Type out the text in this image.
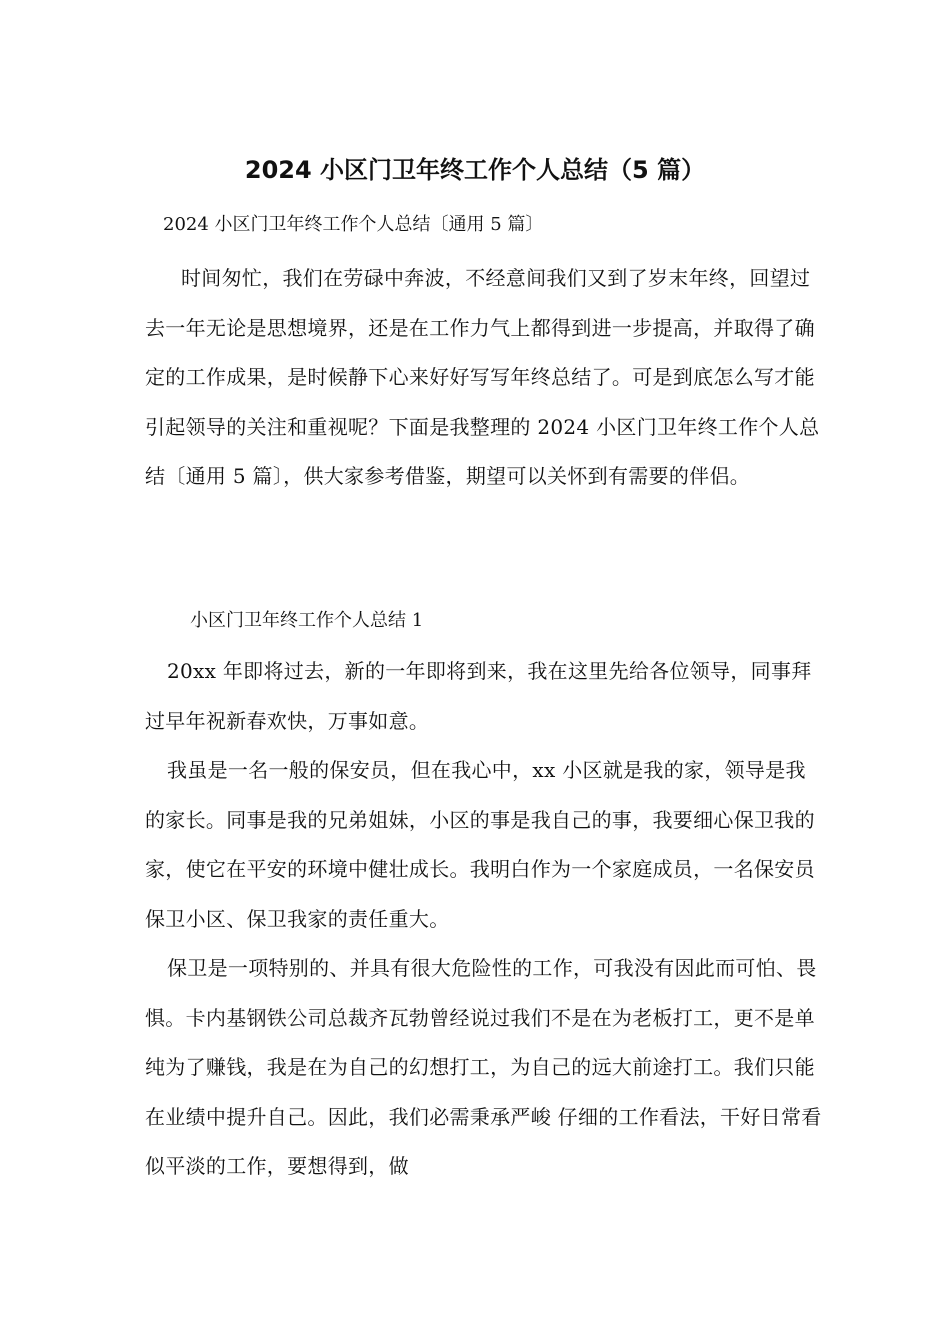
2024 小区门卫年终工作个人总结（5 篇）

2024 小区门卫年终工作个人总结〔通用 5 篇〕

时间匆忙，我们在劳碌中奔波，不经意间我们又到了岁末年终，回望过去一年无论是思想境界，还是在工作力气上都得到进一步提高，并取得了确定的工作成果，是时候静下心来好好写写年终总结了。可是到底怎么写才能引起领导的关注和重视呢？下面是我整理的 2024 小区门卫年终工作个人总结〔通用 5 篇〕，供大家参考借鉴，期望可以关怀到有需要的伴侣。

小区门卫年终工作个人总结 1

20xx 年即将过去，新的一年即将到来，我在这里先给各位领导，同事拜过早年祝新春欢快，万事如意。

我虽是一名一般的保安员，但在我心中，xx 小区就是我的家，领导是我的家长。同事是我的兄弟姐妹，小区的事是我自己的事，我要细心保卫我的家，使它在平安的环境中健壮成长。我明白作为一个家庭成员，一名保安员保卫小区、保卫我家的责任重大。

保卫是一项特别的、并具有很大危险性的工作，可我没有因此而可怕、畏惧。卡内基钢铁公司总裁齐瓦勃曾经说过我们不是在为老板打工，更不是单纯为了赚钱，我是在为自己的幻想打工，为自己的远大前途打工。我们只能在业绩中提升自己。因此，我们必需秉承严峻 仔细的工作看法，干好日常看似平淡的工作，要想得到，做
